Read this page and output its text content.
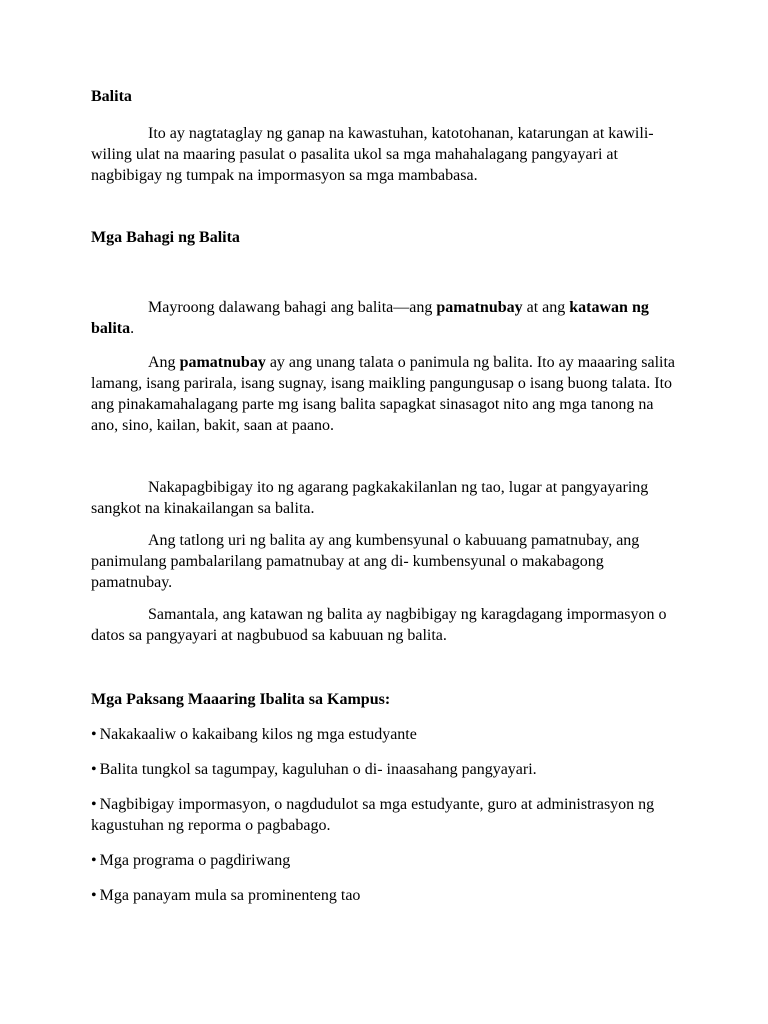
Balita

Ito ay nagtataglay ng ganap na kawastuhan, katotohanan, katarungan at kawili- wiling ulat na maaring pasulat o pasalita ukol sa mga mahahalagang pangyayari at nagbibigay ng tumpak na impormasyon sa mga mambabasa.

Mga Bahagi ng Balita

Mayroong dalawang bahagi ang balita—ang pamatnubay at ang katawan ng balita.

Ang pamatnubay ay ang unang talata o panimula ng balita. Ito ay maaaring salita lamang, isang parirala, isang sugnay, isang maikling pangungusap o isang buong talata. Ito ang pinakamahalagang parte mg isang balita sapagkat sinasagot nito ang mga tanong na ano, sino, kailan, bakit, saan at paano.

Nakapagbibigay ito ng agarang pagkakakilanlan ng tao, lugar at pangyayaring sangkot na kinakailangan sa balita.

Ang tatlong uri ng balita ay ang kumbensyunal o kabuuang pamatnubay, ang panimulang pambalarilang pamatnubay at ang di- kumbensyunal o makabagong pamatnubay.

Samantala, ang katawan ng balita ay nagbibigay ng karagdagang impormasyon o datos sa pangyayari at nagbubuod sa kabuuan ng balita.

Mga Paksang Maaaring Ibalita sa Kampus:

• Nakakaaliw o kakaibang kilos ng mga estudyante

• Balita tungkol sa tagumpay, kaguluhan o di- inaasahang pangyayari.

• Nagbibigay impormasyon, o nagdudulot sa mga estudyante, guro at administrasyon ng kagustuhan ng reporma o pagbabago.

• Mga programa o pagdiriwang

• Mga panayam mula sa prominenteng tao
